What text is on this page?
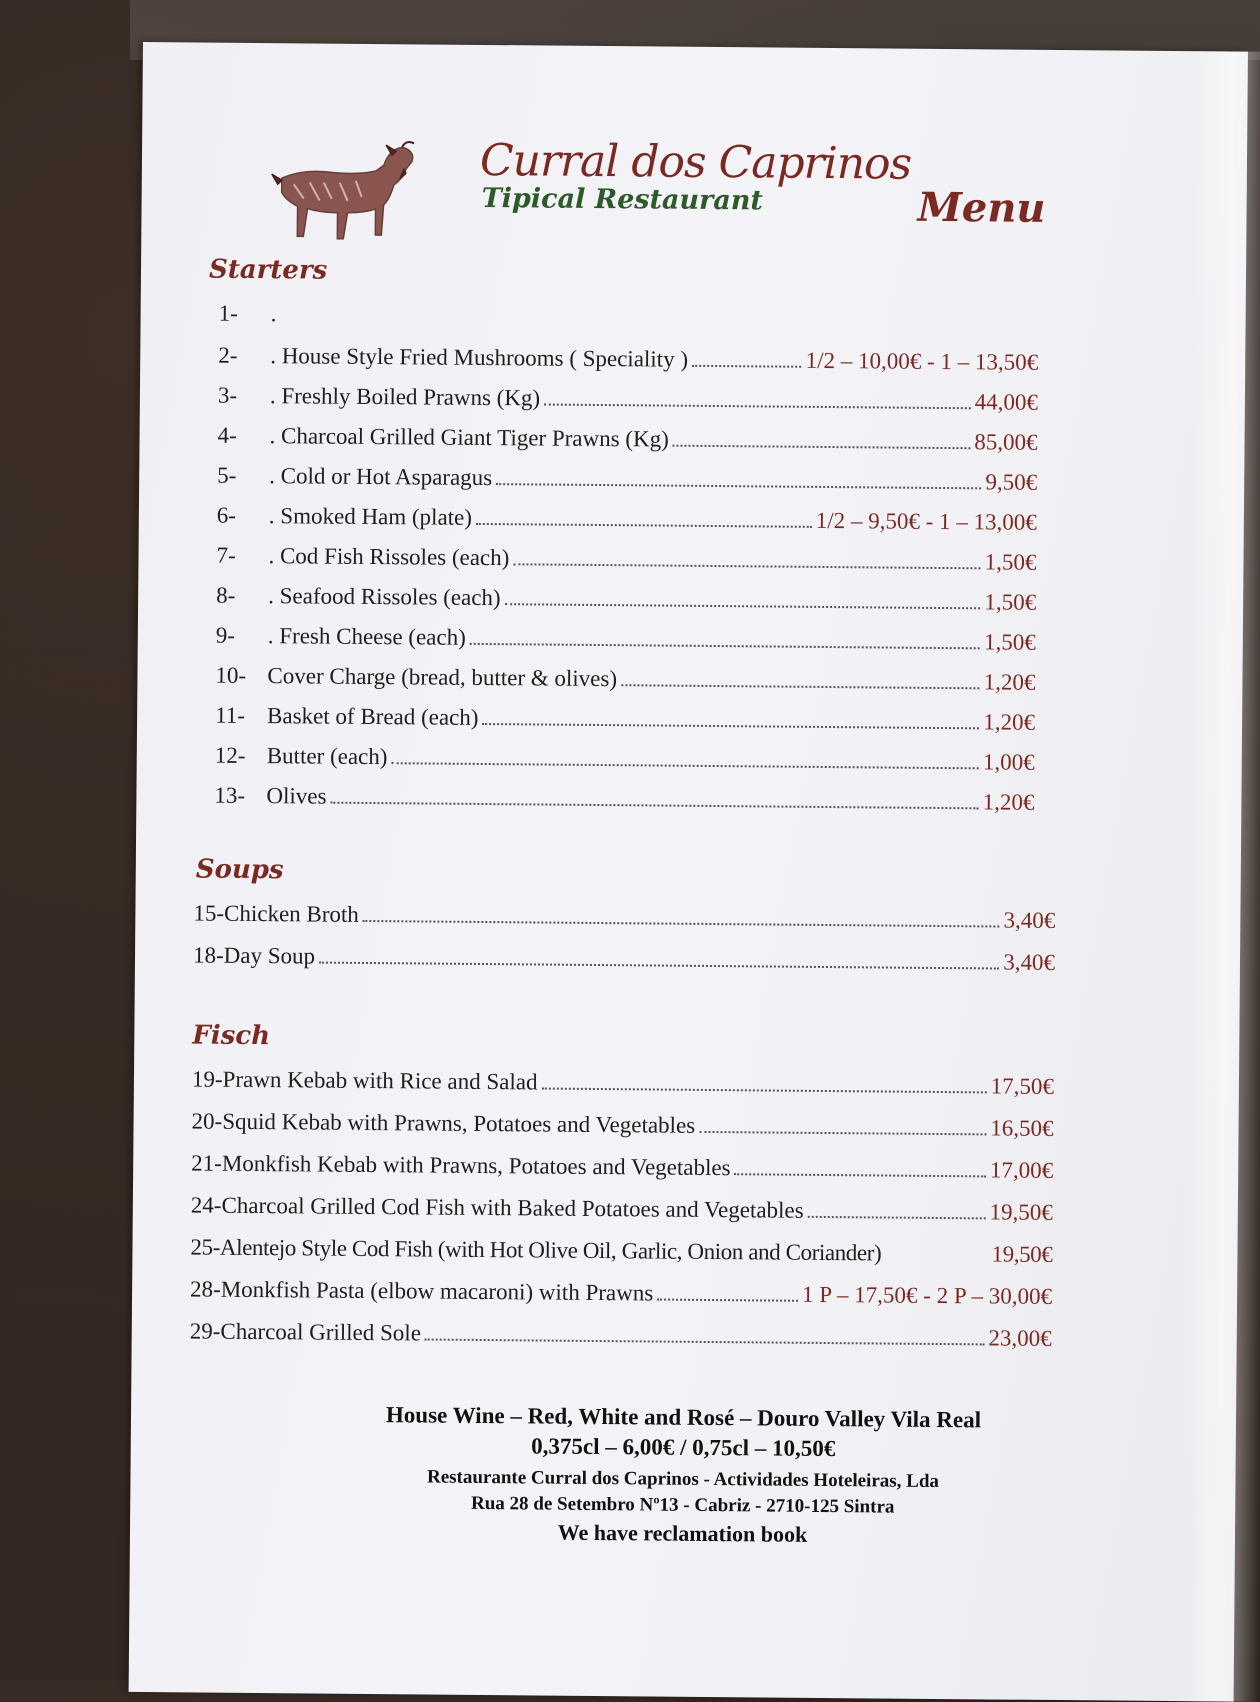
Curral dos Caprinos
Tipical Restaurant	Menu
Starters
1-	.
2-	. House Style Fried Mushrooms ( Speciality )	1/2 – 10,00€ - 1 – 13,50€
3-	. Freshly Boiled Prawns (Kg)	44,00€
4-	. Charcoal Grilled Giant Tiger Prawns (Kg)	85,00€
5-	. Cold or Hot Asparagus	9,50€
6-	. Smoked Ham (plate)	1/2 – 9,50€ - 1 – 13,00€
7-	. Cod Fish Rissoles (each)	1,50€
8-	. Seafood Rissoles (each)	1,50€
9-	. Fresh Cheese (each)	1,50€
10- Cover Charge (bread, butter & olives)	1,20€
11- Basket of Bread (each)	1,20€
12- Butter (each)	1,00€
13- Olives	1,20€
Soups
15- Chicken Broth	3,40€
18- Day Soup	3,40€
Fisch
19- Prawn Kebab with Rice and Salad	17,50€
20- Squid Kebab with Prawns, Potatoes and Vegetables	16,50€
21- Monkfish Kebab with Prawns, Potatoes and Vegetables	17,00€
24- Charcoal Grilled Cod Fish with Baked Potatoes and Vegetables	19,50€
25- Alentejo Style Cod Fish (with Hot Olive Oil, Garlic, Onion and Coriander)	19,50€
28- Monkfish Pasta (elbow macaroni) with Prawns	1 P – 17,50€ - 2 P – 30,00€
29- Charcoal Grilled Sole	23,00€
House Wine – Red, White and Rosé – Douro Valley Vila Real
0,375cl – 6,00€ / 0,75cl – 10,50€
Restaurante Curral dos Caprinos - Actividades Hoteleiras, Lda
Rua 28 de Setembro Nº13 - Cabriz - 2710-125 Sintra
We have reclamation book
